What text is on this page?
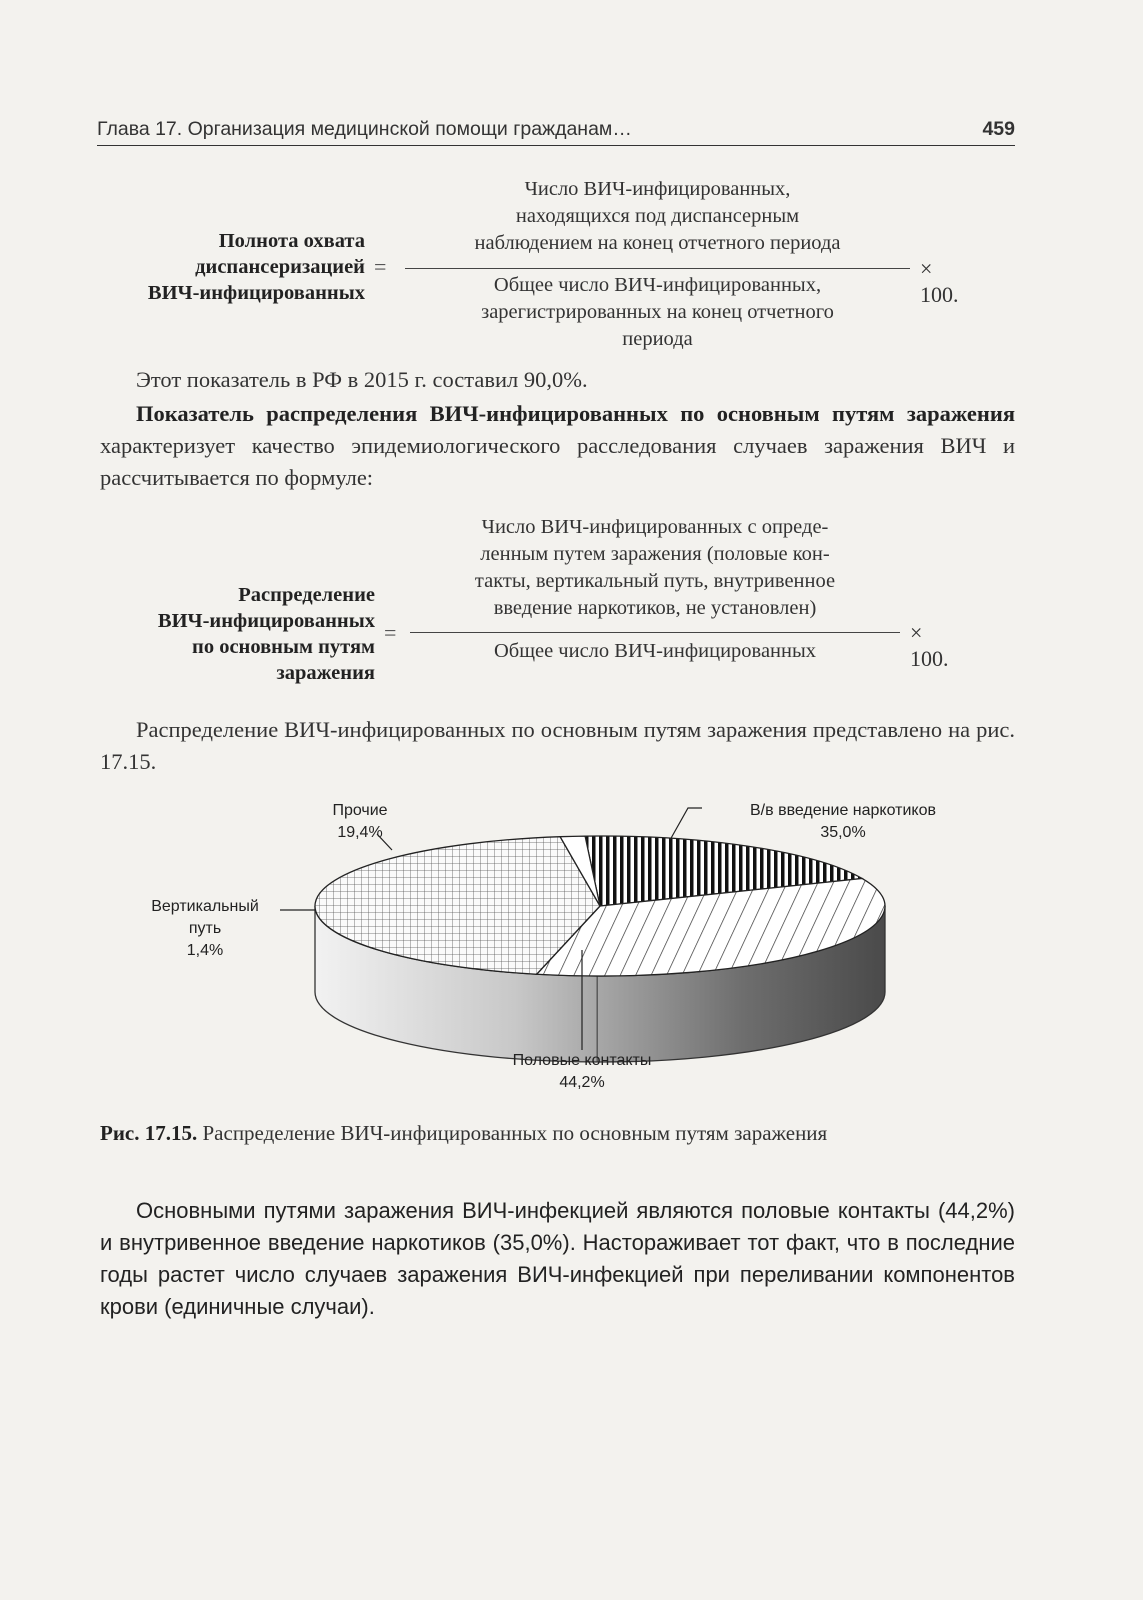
Глава 17. Организация медицинской помощи гражданам…	459
Полнота охвата
диспансеризацией
ВИЧ-инфицированных
=
Число ВИЧ-инфицированных,
находящихся под диспансерным
наблюдением на конец отчетного периода
Общее число ВИЧ-инфицированных,
зарегистрированных на конец отчетного
периода
× 100.

Этот показатель в РФ в 2015 г. составил 90,0%.

Показатель распределения ВИЧ-инфицированных по основным путям заражения характеризует качество эпидемиологического расследования случаев заражения ВИЧ и рассчитывается по формуле:

Распределение
ВИЧ-инфицированных
по основным путям
заражения
=
Число ВИЧ-инфицированных с опреде-
ленным путем заражения (половые кон-
такты, вертикальный путь, внутривенное
введение наркотиков, не установлен)
Общее число ВИЧ-инфицированных
× 100.

Распределение ВИЧ-инфицированных по основным путям заражения представлено на рис. 17.15.

Прочие
19,4%
В/в введение наркотиков
35,0%
Вертикальный
путь
1,4%
Половые контакты
44,2%

Рис. 17.15. Распределение ВИЧ-инфицированных по основным путям заражения

Основными путями заражения ВИЧ-инфекцией являются половые контакты (44,2%) и внутривенное введение наркотиков (35,0%). Настораживает тот факт, что в последние годы растет число случаев заражения ВИЧ-инфекцией при переливании компонентов крови (единичные случаи).
